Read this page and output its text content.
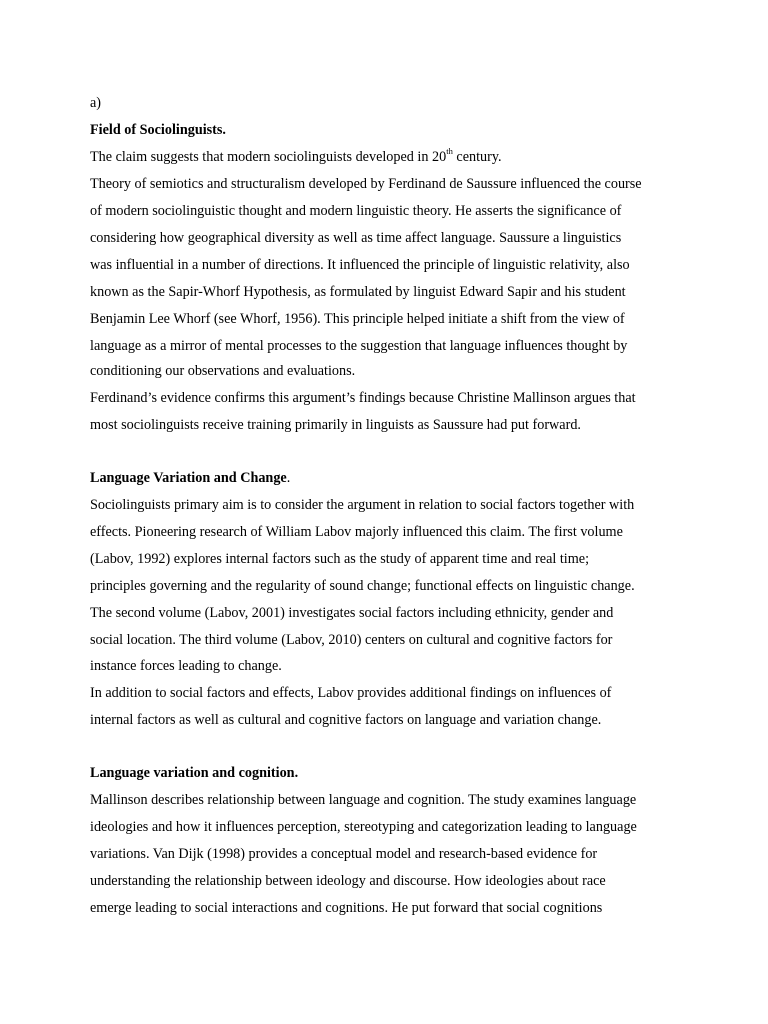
a)

Field of Sociolinguists.

The claim suggests that modern sociolinguists developed in 20th century.

Theory of semiotics and structuralism developed by Ferdinand de Saussure influenced the course

of modern sociolinguistic thought and modern linguistic theory. He asserts the significance of

considering how geographical diversity as well as time affect language. Saussure a linguistics

was influential in a number of directions. It influenced the principle of linguistic relativity, also

known as the Sapir-Whorf Hypothesis, as formulated by linguist Edward Sapir and his student

Benjamin Lee Whorf (see Whorf, 1956). This principle helped initiate a shift from the view of

language as a mirror of mental processes to the suggestion that language influences thought by

conditioning our observations and evaluations.

Ferdinand’s evidence confirms this argument’s findings because Christine Mallinson argues that

most sociolinguists receive training primarily in linguists as Saussure had put forward.

Language Variation and Change.

Sociolinguists primary aim is to consider the argument in relation to social factors together with

effects. Pioneering research of William Labov majorly influenced this claim. The first volume

(Labov, 1992) explores internal factors such as the study of apparent time and real time;

principles governing and the regularity of sound change; functional effects on linguistic change.

The second volume (Labov, 2001) investigates social factors including ethnicity, gender and

social location. The third volume (Labov, 2010) centers on cultural and cognitive factors for

instance forces leading to change.

In addition to social factors and effects, Labov provides additional findings on influences of

internal factors as well as cultural and cognitive factors on language and variation change.

Language variation and cognition.

Mallinson describes relationship between language and cognition. The study examines language

ideologies and how it influences perception, stereotyping and categorization leading to language

variations. Van Dijk (1998) provides a conceptual model and research-based evidence for

understanding the relationship between ideology and discourse. How ideologies about race

emerge leading to social interactions and cognitions. He put forward that social cognitions
